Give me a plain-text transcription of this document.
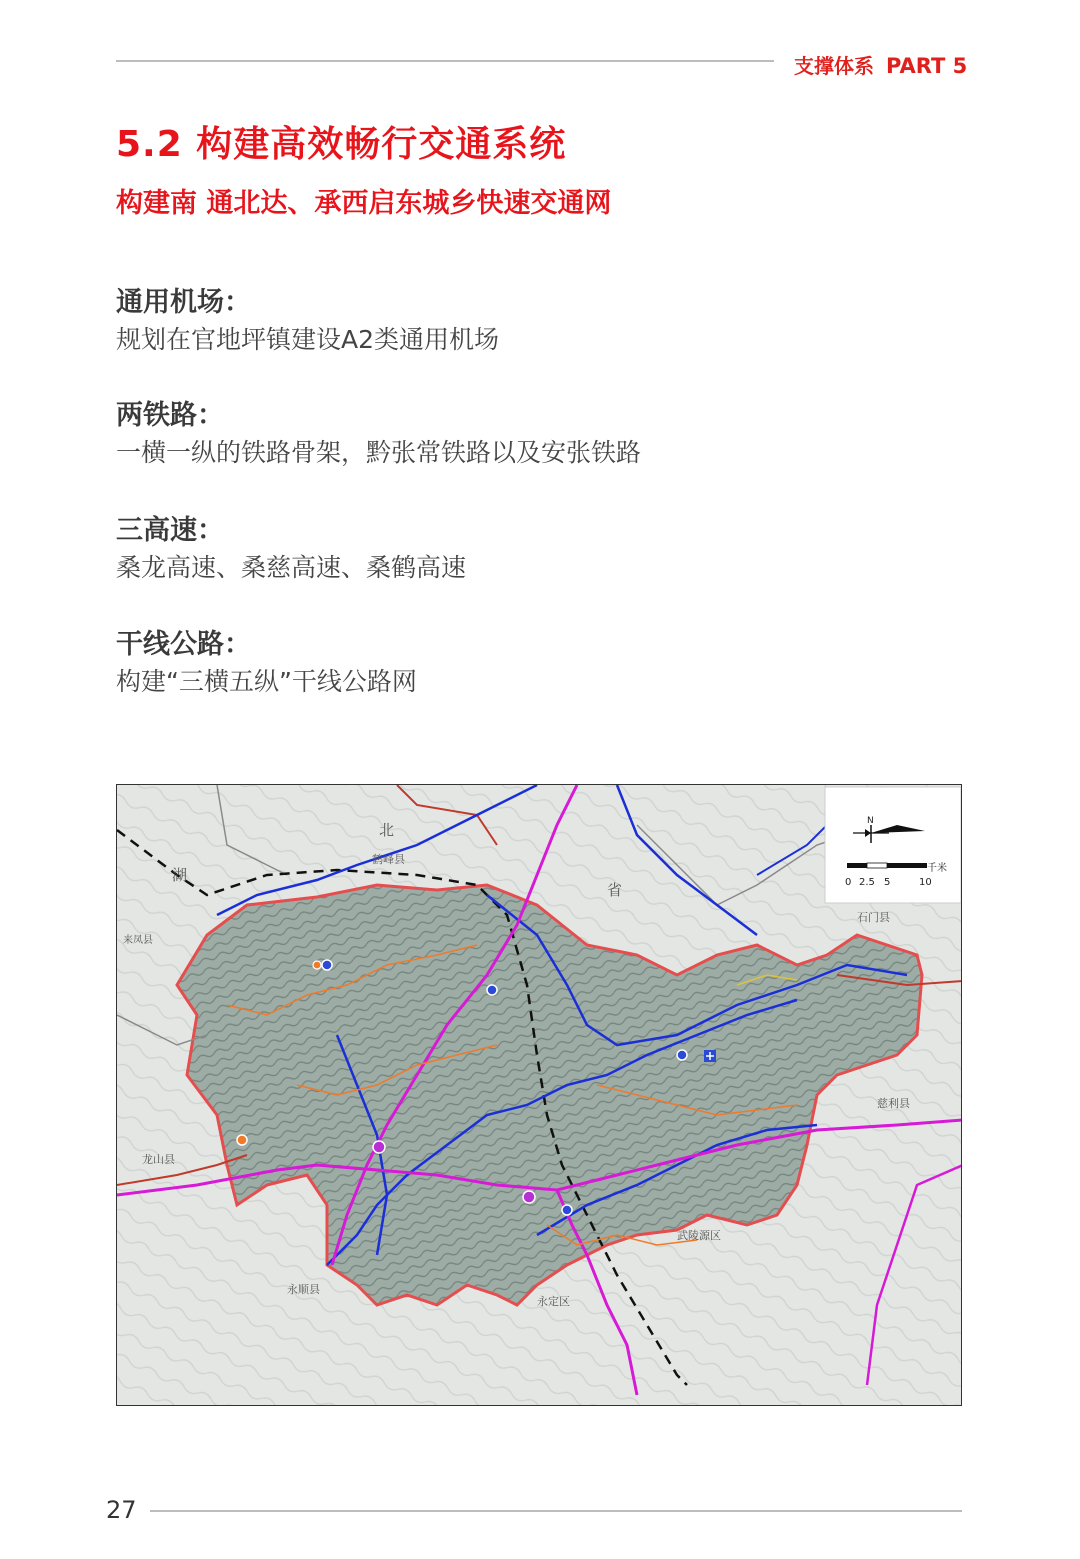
支撑体系 PART 5
5.2 构建高效畅行交通系统
构建南 通北达、承西启东城乡快速交通网
通用机场：
规划在官地坪镇建设A2类通用机场
两铁路：
一横一纵的铁路骨架，黔张常铁路以及安张铁路
三高速：
桑龙高速、桑慈高速、桑鹤高速
干线公路：
构建“三横五纵”干线公路网
湖
北
省
鹤峰县
石门县
来凤县
龙山县
慈利县
武陵源区
永定区
永顺县
N
千米
0 2.5 5	10
27
